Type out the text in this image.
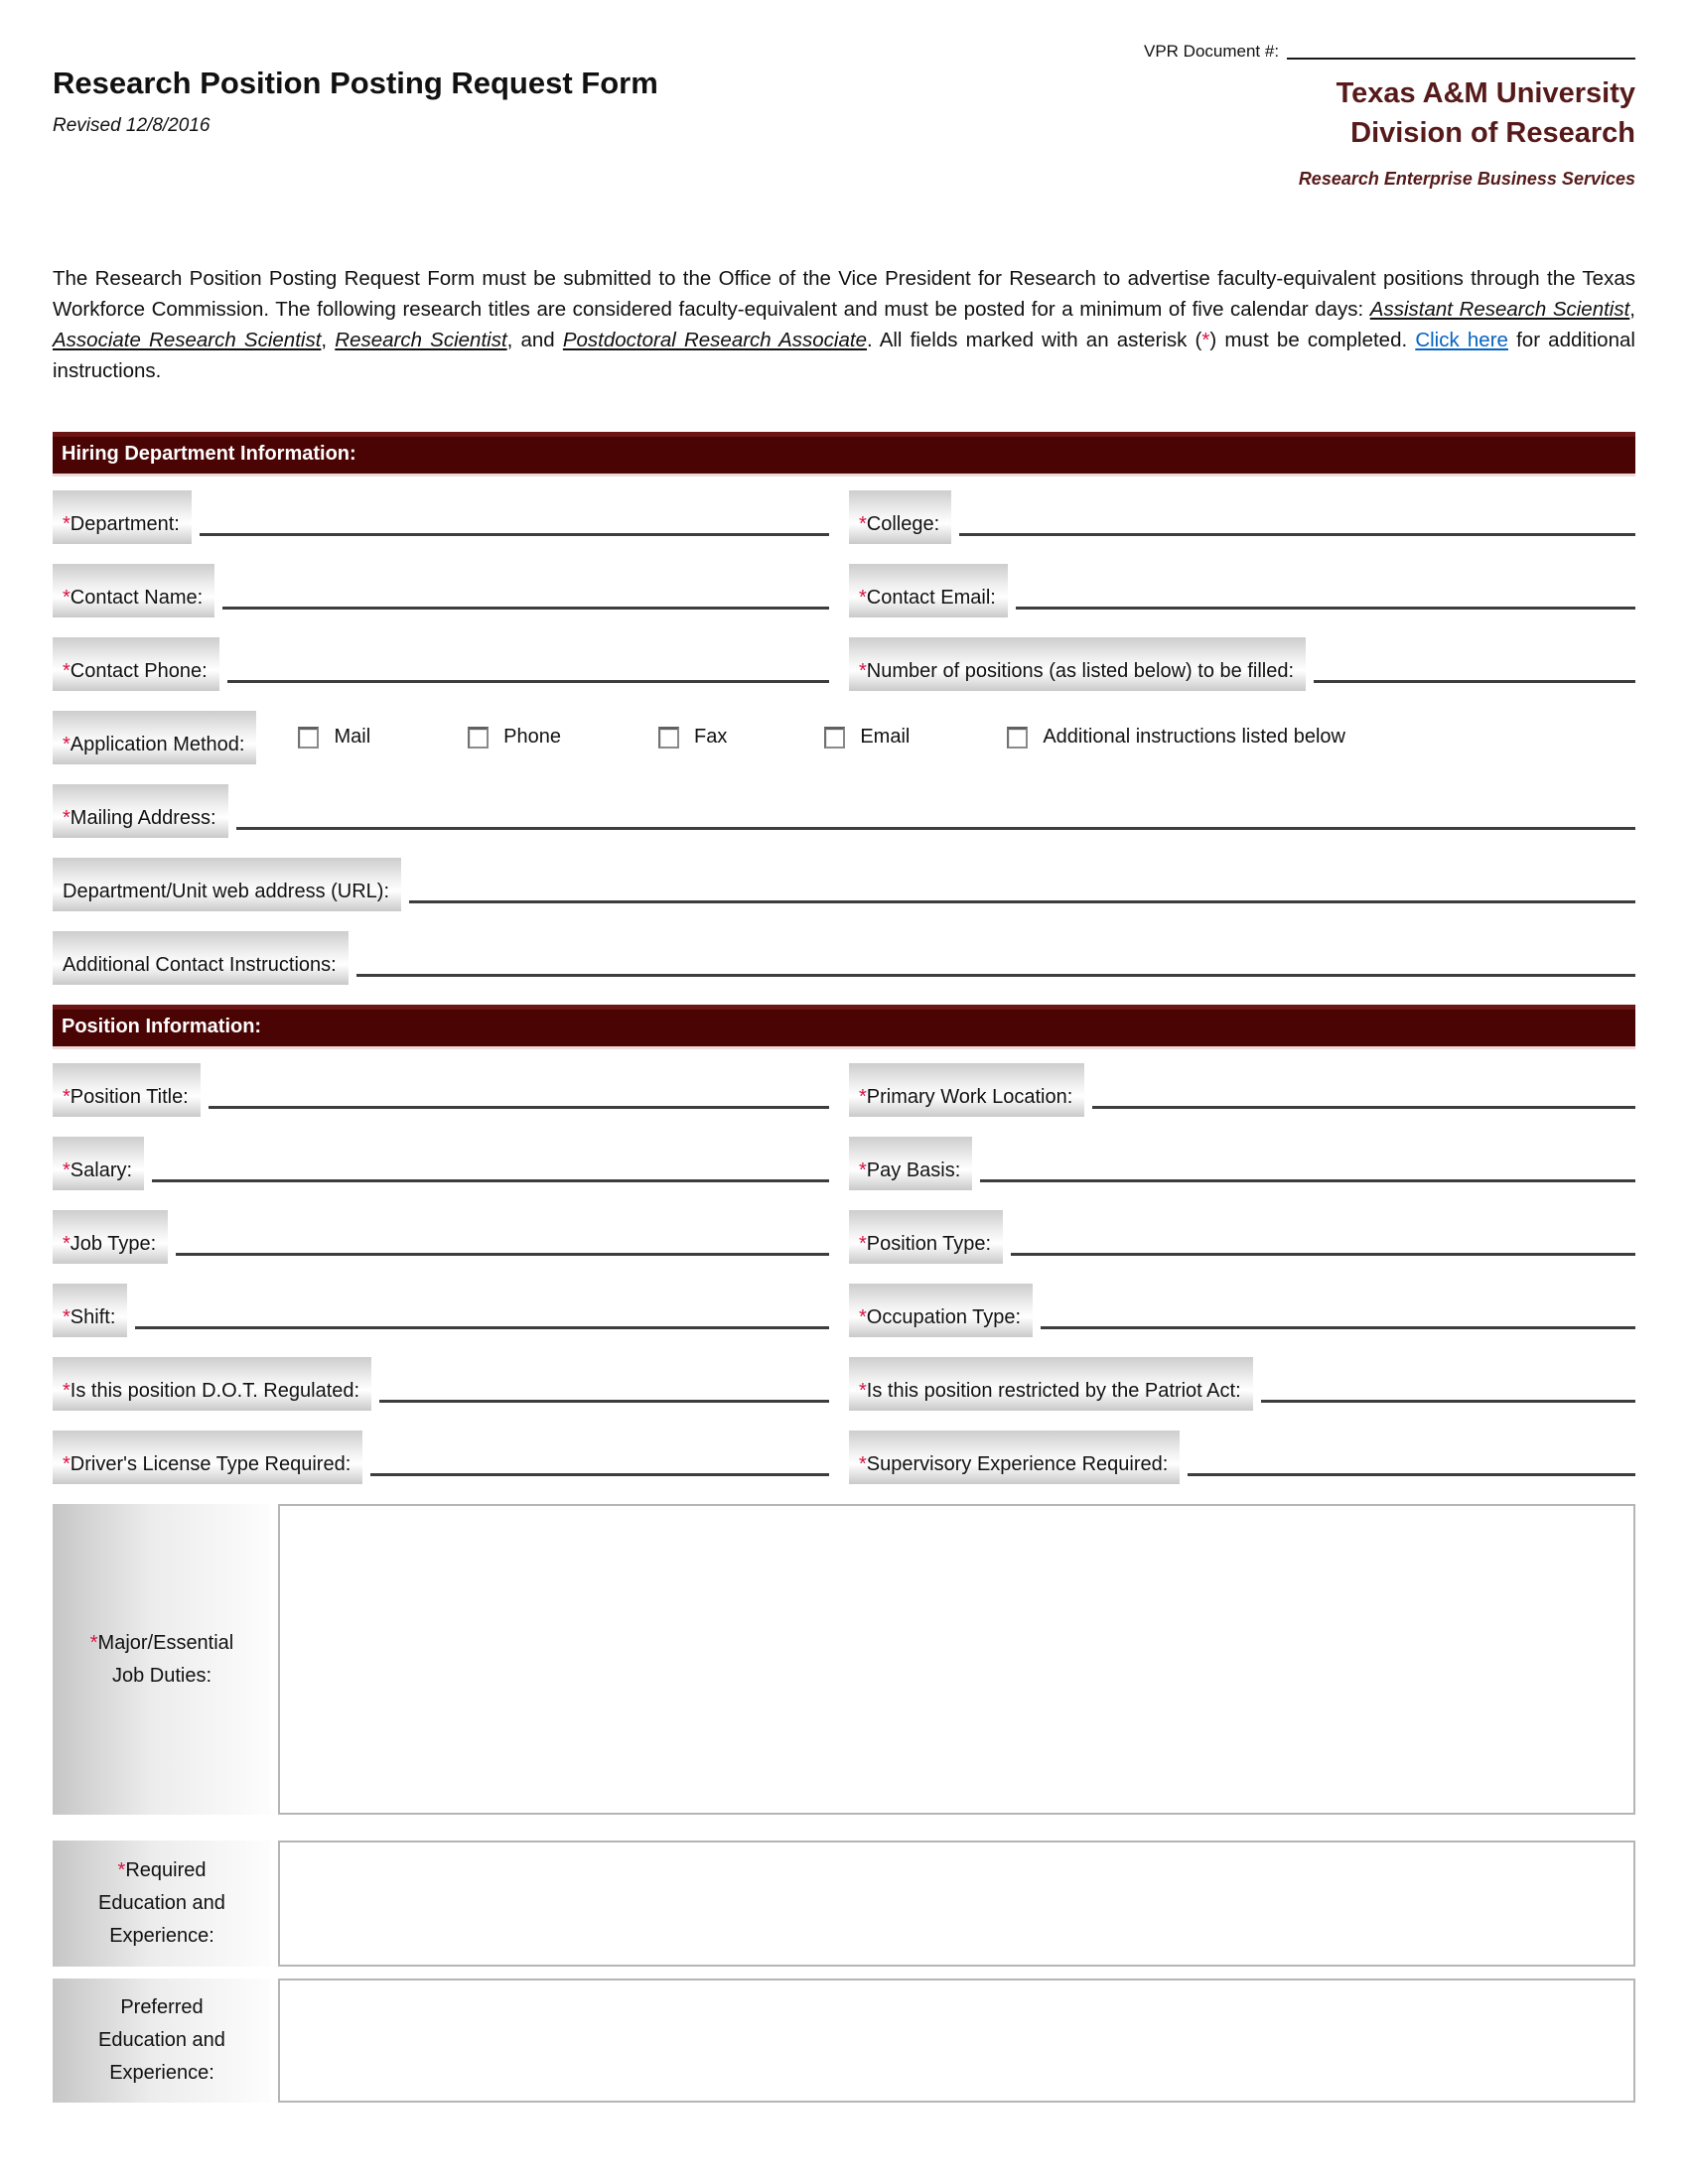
Research Position Posting Request Form
Revised 12/8/2016
VPR Document #:
Texas A&M University
Division of Research
Research Enterprise Business Services

The Research Position Posting Request Form must be submitted to the Office of the Vice President for Research to advertise faculty-equivalent positions through the Texas Workforce Commission. The following research titles are considered faculty-equivalent and must be posted for a minimum of five calendar days: Assistant Research Scientist, Associate Research Scientist, Research Scientist, and Postdoctoral Research Associate. All fields marked with an asterisk (*) must be completed. Click here for additional instructions.

Hiring Department Information:
*Department:	*College:
*Contact Name:	*Contact Email:
*Contact Phone:	*Number of positions (as listed below) to be filled:
*Application Method:	Mail	Phone	Fax	Email	Additional instructions listed below
*Mailing Address:
Department/Unit web address (URL):
Additional Contact Instructions:
Position Information:
*Position Title:	*Primary Work Location:
*Salary:	*Pay Basis:
*Job Type:	*Position Type:
*Shift:	*Occupation Type:
*Is this position D.O.T. Regulated:	*Is this position restricted by the Patriot Act:
*Driver's License Type Required:	*Supervisory Experience Required:
*Major/Essential Job Duties:
*Required Education and Experience:
Preferred Education and Experience:
